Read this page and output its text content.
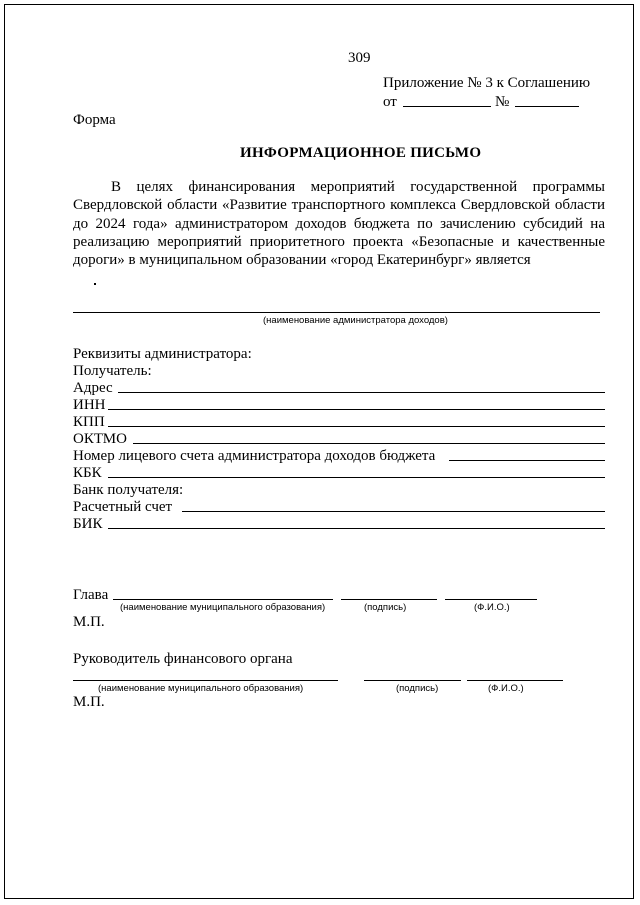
309
Приложение № 3 к Соглашению
от	№
Форма
ИНФОРМАЦИОННОЕ ПИСЬМО
В целях финансирования мероприятий государственной программы Свердловской области «Развитие транспортного комплекса Свердловской области до 2024 года» администратором доходов бюджета по зачислению субсидий на реализацию мероприятий приоритетного проекта «Безопасные и качественные дороги» в муниципальном образовании «город Екатеринбург» является
(наименование администратора доходов)
Реквизиты администратора:
Получатель:
Адрес
ИНН
КПП
ОКТМО
Номер лицевого счета администратора доходов бюджета
КБК
Банк получателя:
Расчетный счет
БИК
Глава
(наименование муниципального образования)	(подпись)	(Ф.И.О.)
М.П.
Руководитель финансового органа
(наименование муниципального образования)	(подпись)	(Ф.И.О.)
М.П.
